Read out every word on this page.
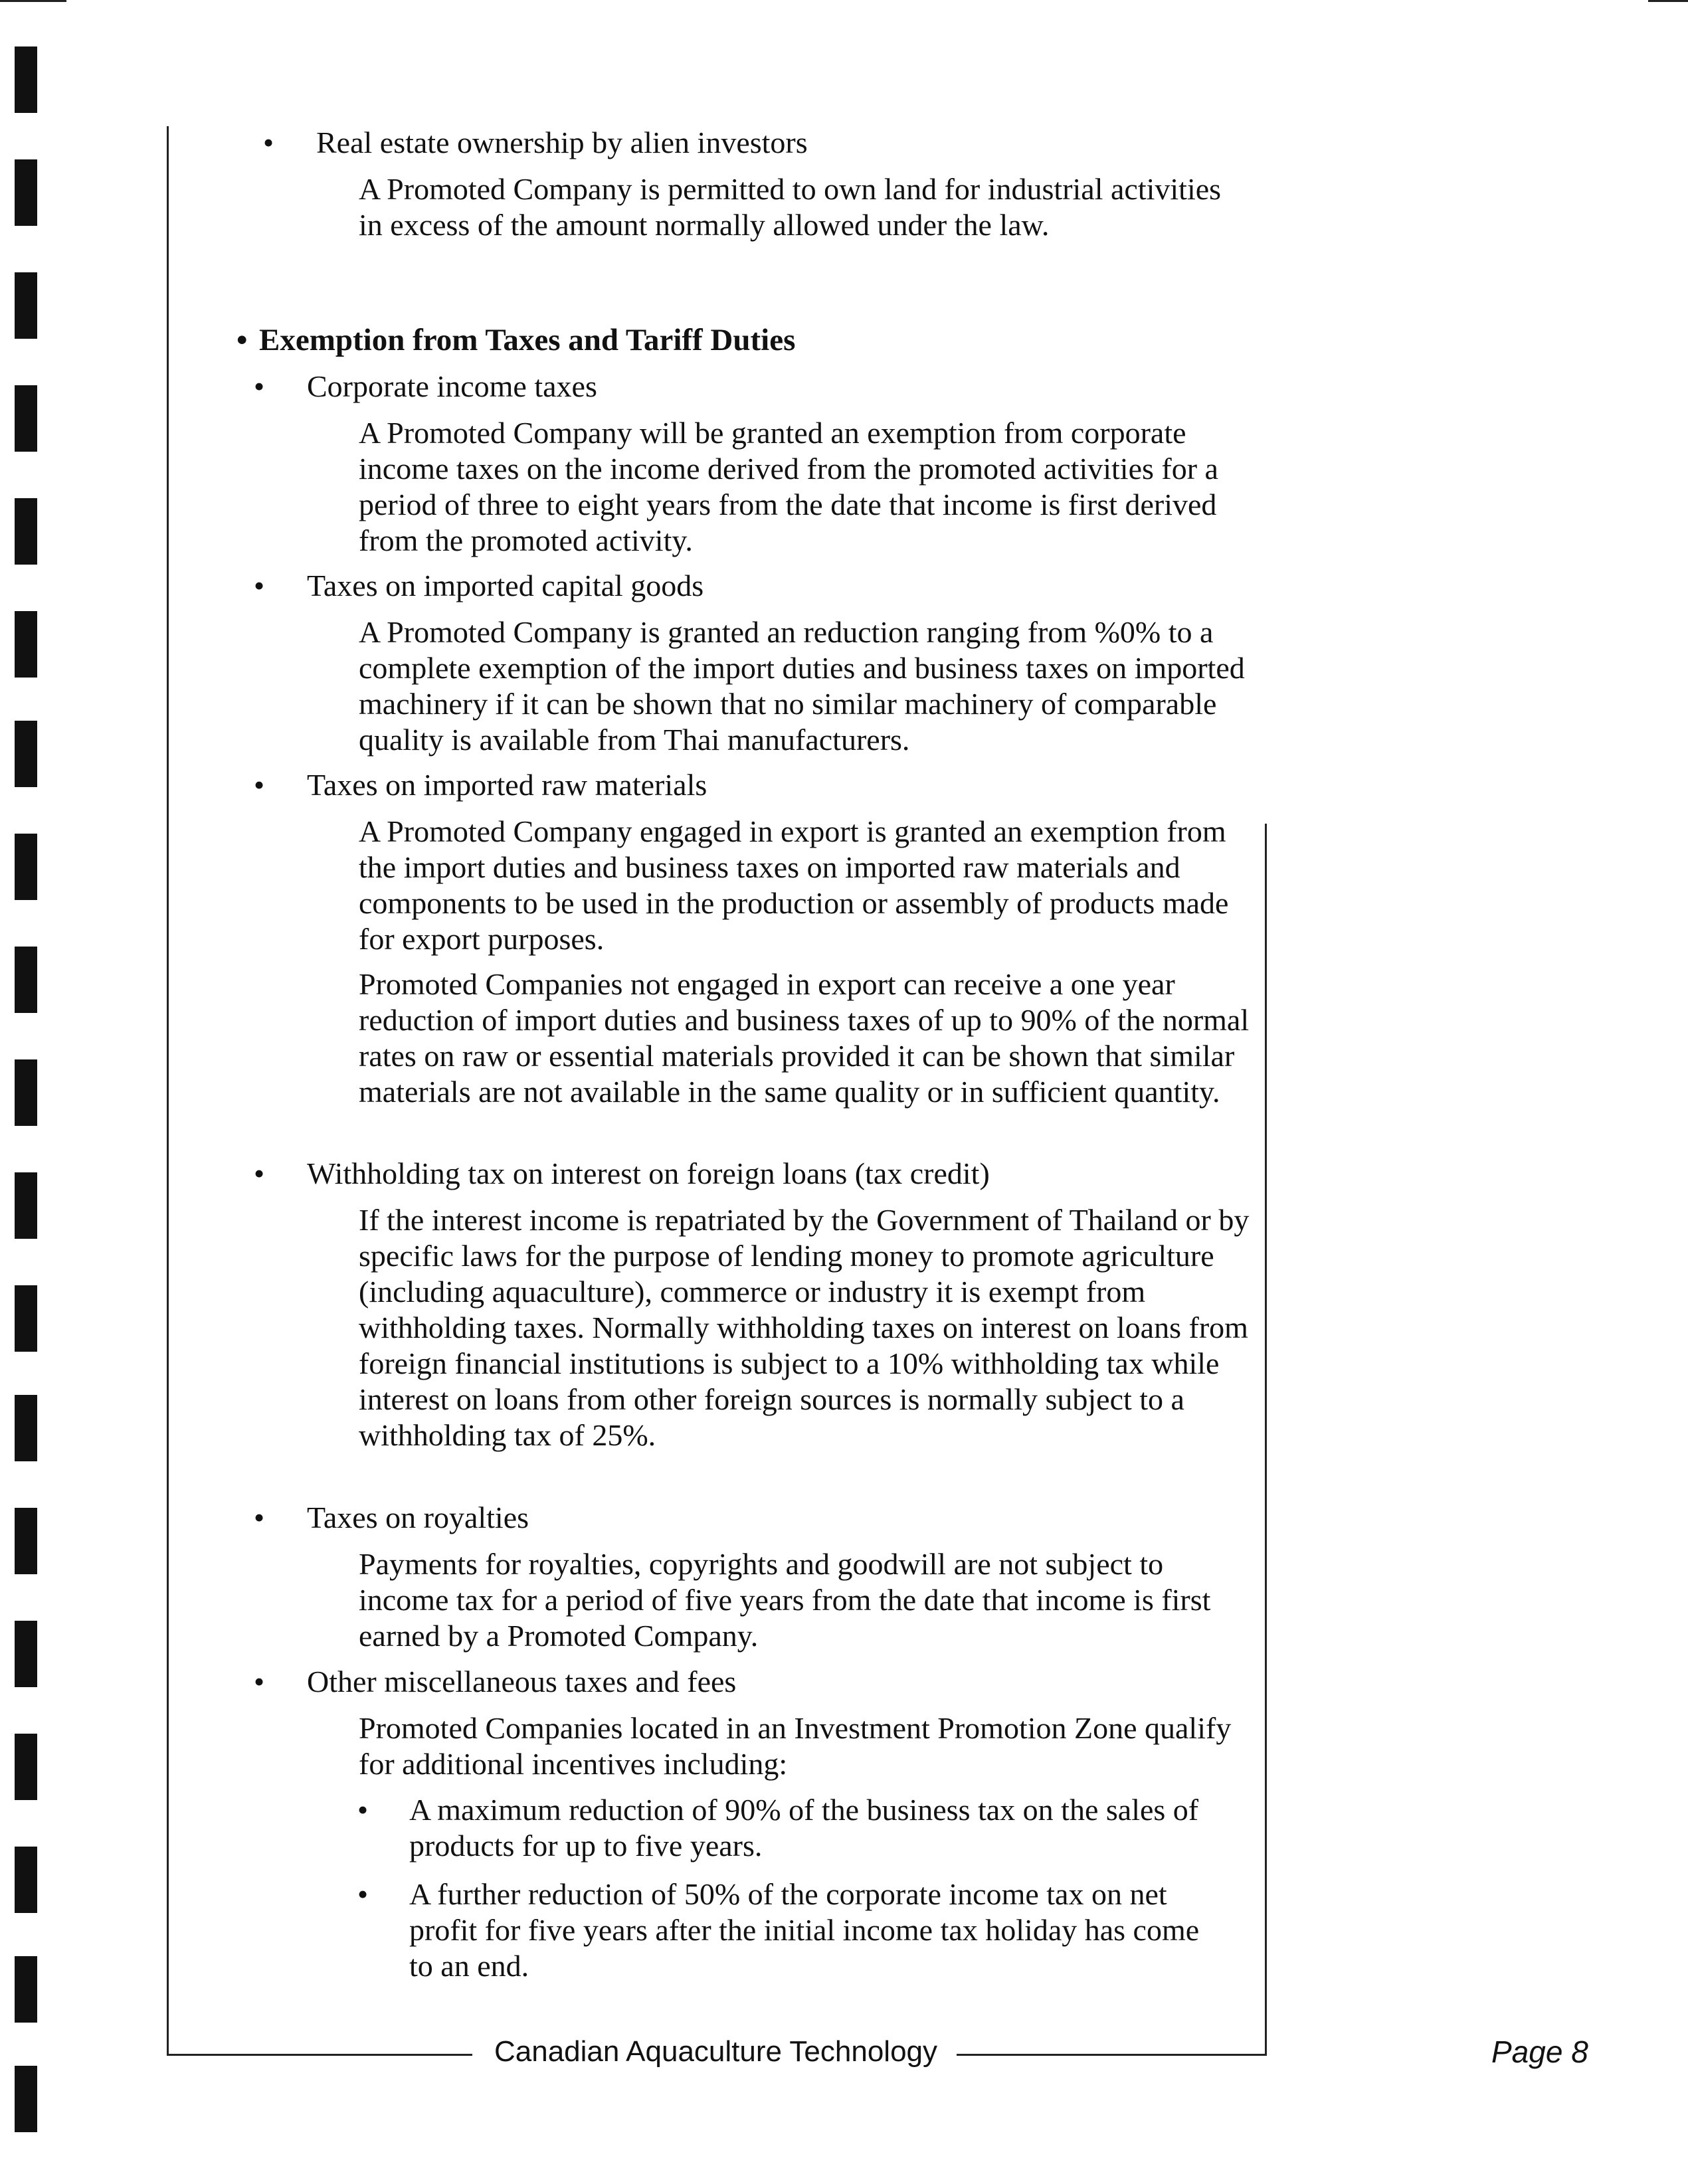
• Real estate ownership by alien investors
A Promoted Company is permitted to own land for industrial activities in excess of the amount normally allowed under the law.
• Exemption from Taxes and Tariff Duties
• Corporate income taxes
A Promoted Company will be granted an exemption from corporate income taxes on the income derived from the promoted activities for a period of three to eight years from the date that income is first derived from the promoted activity.
• Taxes on imported capital goods
A Promoted Company is granted an reduction ranging from %0% to a complete exemption of the import duties and business taxes on imported machinery if it can be shown that no similar machinery of comparable quality is available from Thai manufacturers.
• Taxes on imported raw materials
A Promoted Company engaged in export is granted an exemption from the import duties and business taxes on imported raw materials and components to be used in the production or assembly of products made for export purposes.
Promoted Companies not engaged in export can receive a one year reduction of import duties and business taxes of up to 90% of the normal rates on raw or essential materials provided it can be shown that similar materials are not available in the same quality or in sufficient quantity.
• Withholding tax on interest on foreign loans (tax credit)
If the interest income is repatriated by the Government of Thailand or by specific laws for the purpose of lending money to promote agriculture (including aquaculture), commerce or industry it is exempt from withholding taxes. Normally withholding taxes on interest on loans from foreign financial institutions is subject to a 10% withholding tax while interest on loans from other foreign sources is normally subject to a withholding tax of 25%.
• Taxes on royalties
Payments for royalties, copyrights and goodwill are not subject to income tax for a period of five years from the date that income is first earned by a Promoted Company.
• Other miscellaneous taxes and fees
Promoted Companies located in an Investment Promotion Zone qualify for additional incentives including:
• A maximum reduction of 90% of the business tax on the sales of products for up to five years.
• A further reduction of 50% of the corporate income tax on net profit for five years after the initial income tax holiday has come to an end.
Canadian Aquaculture Technology	Page 8
